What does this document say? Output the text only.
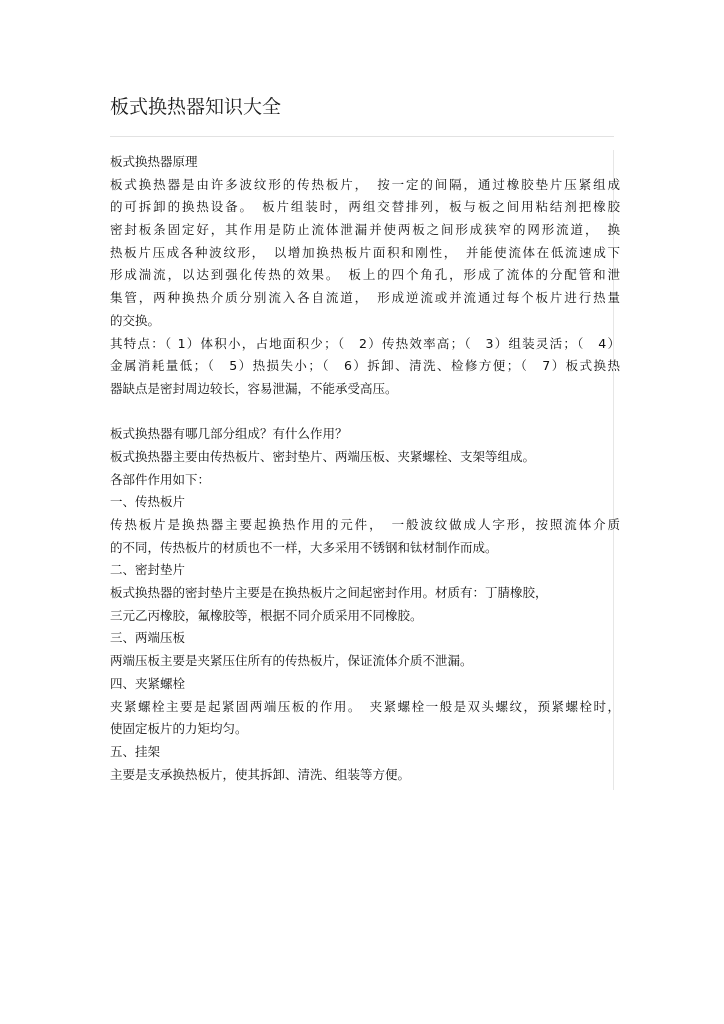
板式换热器知识大全
板式换热器原理
板式换热器是由许多波纹形的传热板片，　按一定的间隔，通过橡胶垫片压紧组成
的可拆卸的换热设备。　板片组装时，两组交替排列，板与板之间用粘结剂把橡胶
密封板条固定好，其作用是防止流体泄漏并使两板之间形成狭窄的网形流道，　换
热板片压成各种波纹形，　以增加换热板片面积和刚性，　并能使流体在低流速成下
形成湍流，以达到强化传热的效果。　板上的四个角孔，形成了流体的分配管和泄
集管，两种换热介质分别流入各自流道，　形成逆流或并流通过每个板片进行热量
的交换。
其特点：（ 1）体积小，占地面积少；（　2）传热效率高；（　3）组装灵活；（　4）
金属消耗量低；（　5）热损失小；（　6）拆卸、清洗、检修方便；（　7）板式换热
器缺点是密封周边较长，容易泄漏，不能承受高压。
板式换热器有哪几部分组成？有什么作用？
板式换热器主要由传热板片、密封垫片、两端压板、夹紧螺栓、支架等组成。
各部件作用如下：
一、传热板片
传热板片是换热器主要起换热作用的元件，　一般波纹做成人字形，按照流体介质
的不同，传热板片的材质也不一样，大多采用不锈钢和钛材制作而成。
二、密封垫片
板式换热器的密封垫片主要是在换热板片之间起密封作用。材质有：丁腈橡胶，
三元乙丙橡胶，氟橡胶等，根据不同介质采用不同橡胶。
三、两端压板
两端压板主要是夹紧压住所有的传热板片，保证流体介质不泄漏。
四、夹紧螺栓
夹紧螺栓主要是起紧固两端压板的作用。　夹紧螺栓一般是双头螺纹，预紧螺栓时，
使固定板片的力矩均匀。
五、挂架
主要是支承换热板片，使其拆卸、清洗、组装等方便。
